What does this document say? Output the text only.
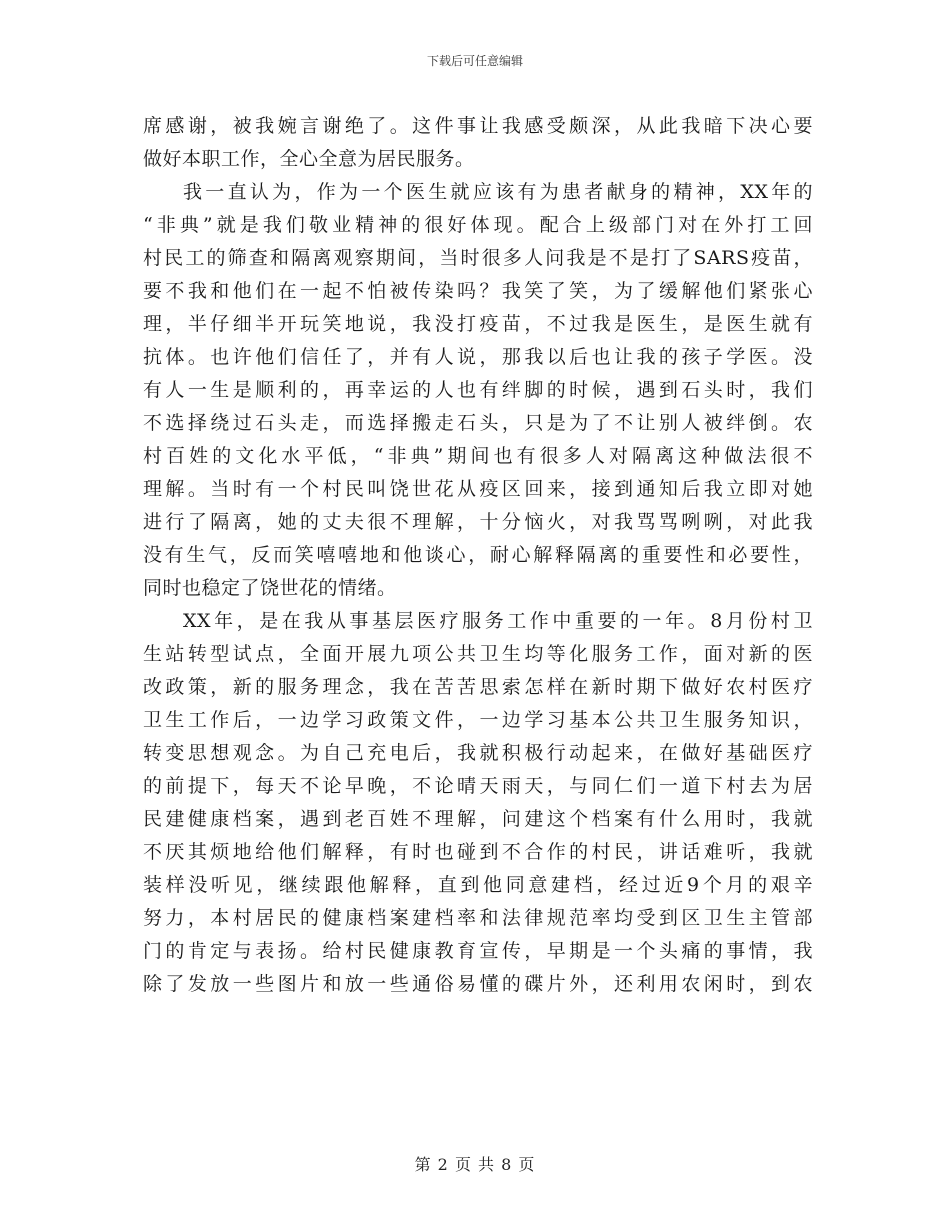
下载后可任意编辑
席感谢，被我婉言谢绝了。这件事让我感受颇深，从此我暗下决心要
做好本职工作，全心全意为居民服务。
我一直认为，作为一个医生就应该有为患者献身的精神，XX年的
“非典”就是我们敬业精神的很好体现。配合上级部门对在外打工回
村民工的筛查和隔离观察期间，当时很多人问我是不是打了SARS疫苗，
要不我和他们在一起不怕被传染吗？我笑了笑，为了缓解他们紧张心
理，半仔细半开玩笑地说，我没打疫苗，不过我是医生，是医生就有
抗体。也许他们信任了，并有人说，那我以后也让我的孩子学医。没
有人一生是顺利的，再幸运的人也有绊脚的时候，遇到石头时，我们
不选择绕过石头走，而选择搬走石头，只是为了不让别人被绊倒。农
村百姓的文化水平低，“非典”期间也有很多人对隔离这种做法很不
理解。当时有一个村民叫饶世花从疫区回来，接到通知后我立即对她
进行了隔离，她的丈夫很不理解，十分恼火，对我骂骂咧咧，对此我
没有生气，反而笑嘻嘻地和他谈心，耐心解释隔离的重要性和必要性，
同时也稳定了饶世花的情绪。
XX年，是在我从事基层医疗服务工作中重要的一年。8月份村卫
生站转型试点，全面开展九项公共卫生均等化服务工作，面对新的医
改政策，新的服务理念，我在苦苦思索怎样在新时期下做好农村医疗
卫生工作后，一边学习政策文件，一边学习基本公共卫生服务知识，
转变思想观念。为自己充电后，我就积极行动起来，在做好基础医疗
的前提下，每天不论早晚，不论晴天雨天，与同仁们一道下村去为居
民建健康档案，遇到老百姓不理解，问建这个档案有什么用时，我就
不厌其烦地给他们解释，有时也碰到不合作的村民，讲话难听，我就
装样没听见，继续跟他解释，直到他同意建档，经过近9个月的艰辛
努力，本村居民的健康档案建档率和法律规范率均受到区卫生主管部
门的肯定与表扬。给村民健康教育宣传，早期是一个头痛的事情，我
除了发放一些图片和放一些通俗易懂的碟片外，还利用农闲时，到农
第 2 页 共 8 页
